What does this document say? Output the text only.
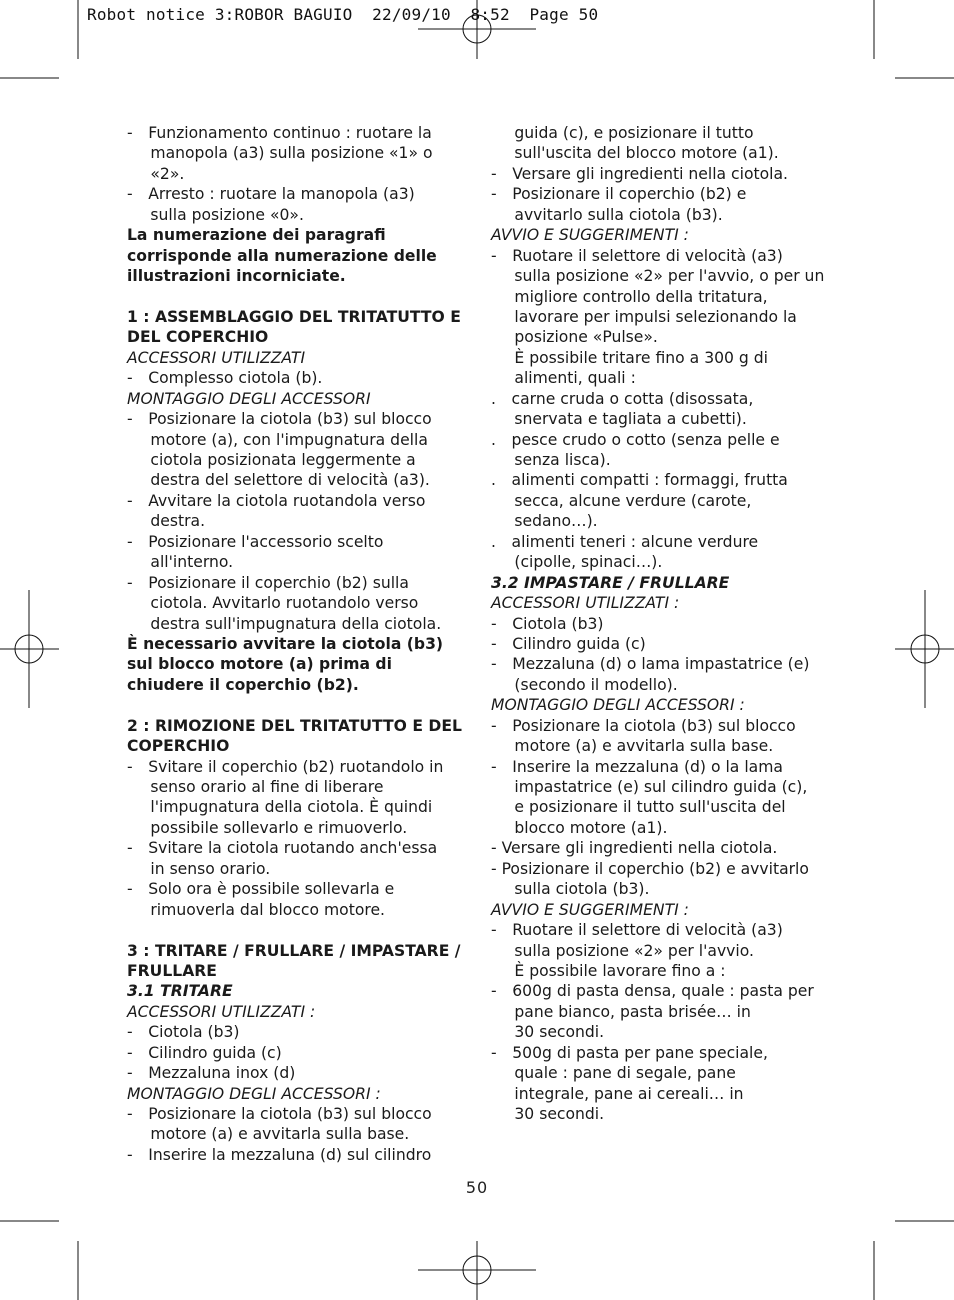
Robot notice 3:ROBOR BAGUIO  22/09/10  8:52  Page 50
-  Funzionamento continuo : ruotare la
  manopola (a3) sulla posizione «1» o
  «2».
-  Arresto : ruotare la manopola (a3)
  sulla posizione «0».
La numerazione dei paragrafi
corrisponde alla numerazione delle
illustrazioni incorniciate.
1 : ASSEMBLAGGIO DEL TRITATUTTO E
DEL COPERCHIO
ACCESSORI UTILIZZATI
-  Complesso ciotola (b).
MONTAGGIO DEGLI ACCESSORI
-  Posizionare la ciotola (b3) sul blocco
  motore (a), con l'impugnatura della
  ciotola posizionata leggermente a
  destra del selettore di velocità (a3).
-  Avvitare la ciotola ruotandola verso
  destra.
-  Posizionare l'accessorio scelto
  all'interno.
-  Posizionare il coperchio (b2) sulla
  ciotola. Avvitarlo ruotandolo verso
  destra sull'impugnatura della ciotola.
È necessario avvitare la ciotola (b3)
sul blocco motore (a) prima di
chiudere il coperchio (b2).
2 : RIMOZIONE DEL TRITATUTTO E DEL
COPERCHIO
-  Svitare il coperchio (b2) ruotandolo in
  senso orario al fine di liberare
  l'impugnatura della ciotola. È quindi
  possibile sollevarlo e rimuoverlo.
-  Svitare la ciotola ruotando anch'essa
  in senso orario.
-  Solo ora è possibile sollevarla e
  rimuoverla dal blocco motore.
3 : TRITARE / FRULLARE / IMPASTARE /
FRULLARE
3.1 TRITARE
ACCESSORI UTILIZZATI :
-  Ciotola (b3)
-  Cilindro guida (c)
-  Mezzaluna inox (d)
MONTAGGIO DEGLI ACCESSORI :
-  Posizionare la ciotola (b3) sul blocco
  motore (a) e avvitarla sulla base.
-  Inserire la mezzaluna (d) sul cilindro
  guida (c), e posizionare il tutto
  sull'uscita del blocco motore (a1).
-  Versare gli ingredienti nella ciotola.
-  Posizionare il coperchio (b2) e
  avvitarlo sulla ciotola (b3).
AVVIO E SUGGERIMENTI :
-  Ruotare il selettore di velocità (a3)
  sulla posizione «2» per l'avvio, o per un
  migliore controllo della tritatura,
  lavorare per impulsi selezionando la
  posizione «Pulse».
  È possibile tritare fino a 300 g di
  alimenti, quali :
.  carne cruda o cotta (disossata,
  snervata e tagliata a cubetti).
.  pesce crudo o cotto (senza pelle e
  senza lisca).
.  alimenti compatti : formaggi, frutta
  secca, alcune verdure (carote,
  sedano…).
.  alimenti teneri : alcune verdure
  (cipolle, spinaci…).
3.2 IMPASTARE / FRULLARE
ACCESSORI UTILIZZATI :
-  Ciotola (b3)
-  Cilindro guida (c)
-  Mezzaluna (d) o lama impastatrice (e)
  (secondo il modello).
MONTAGGIO DEGLI ACCESSORI :
-  Posizionare la ciotola (b3) sul blocco
  motore (a) e avvitarla sulla base.
-  Inserire la mezzaluna (d) o la lama
  impastatrice (e) sul cilindro guida (c),
  e posizionare il tutto sull'uscita del
  blocco motore (a1).
- Versare gli ingredienti nella ciotola.
- Posizionare il coperchio (b2) e avvitarlo
  sulla ciotola (b3).
AVVIO E SUGGERIMENTI :
-  Ruotare il selettore di velocità (a3)
  sulla posizione «2» per l'avvio.
  È possibile lavorare fino a :
-  600g di pasta densa, quale : pasta per
  pane bianco, pasta brisée… in
  30 secondi.
-  500g di pasta per pane speciale,
  quale : pane di segale, pane
  integrale, pane ai cereali… in
  30 secondi.
50
